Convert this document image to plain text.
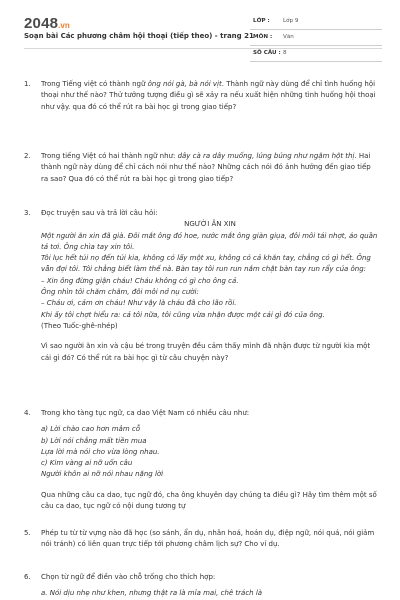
2048.vn
Soạn bài Các phương châm hội thoại (tiếp theo) - trang 21
LỚP : Lớp 9
MÔN : Văn
SỐ CÂU : 8
1.	Trong Tiếng việt có thành ngữ ông nói gà, bà nói vịt. Thành ngữ này dùng để chỉ tình huống hội thoại như thế nào? Thử tưởng tượng điều gì sẽ xảy ra nếu xuất hiện những tình huống hội thoại như vậy. qua đó có thể rút ra bài học gì trong giao tiếp?

2.	Trong tiếng Việt có hai thành ngữ như: dây cà ra dây muống, lúng búng như ngậm hột thị. Hai thành ngữ này dùng để chỉ cách nói như thế nào? Những cách nói đó ảnh hưởng đến giao tiếp ra sao? Qua đó có thể rút ra bài học gì trong giao tiếp?

3.	Đọc truyện sau và trả lời câu hỏi:

NGƯỜI ĂN XIN

Một người ăn xin đã già. Đôi mắt ông đỏ hoe, nước mắt ông giàn giụa, đôi môi tái nhợt, áo quần tả tơi. Ông chìa tay xin tôi.
Tôi lục hết túi nọ đến túi kia, không có lấy một xu, không có cả khăn tay, chẳng có gì hết. Ông vẫn đợi tôi. Tôi chẳng biết làm thế nà. Bàn tay tôi run run nắm chặt bàn tay run rẩy của ông:
– Xin ông đừng giận cháu! Cháu không có gì cho ông cả.
Ông nhìn tôi chăm chăm, đôi môi nở nụ cười:
– Cháu ơi, cảm ơn cháu! Như vậy là cháu đã cho lão rồi.
Khi ấy tôi chợt hiểu ra: cả tôi nữa, tôi cũng vừa nhận được một cái gì đó của ông.

(Theo Tuốc-ghê-nhép)

Vì sao người ăn xin và cậu bé trong truyện đều cảm thấy mình đã nhận được từ người kia một cái gì đó? Có thể rút ra bài học gì từ câu chuyện này?

4.	Trong kho tàng tục ngữ, ca dao Việt Nam có nhiều câu như:

a) Lời chào cao hơn mâm cỗ
b) Lời nói chẳng mất tiền mua
Lựa lời mà nói cho vừa lòng nhau.
c) Kim vàng ai nỡ uốn câu
Người khôn ai nỡ nói nhau nặng lời

Qua những câu ca dao, tục ngữ đó, cha ông khuyên dạy chúng ta điều gì? Hãy tìm thêm một số câu ca dao, tục ngữ có nội dung tương tự

5.	Phép tu từ từ vựng nào đã học (so sánh, ẩn dụ, nhân hoá, hoán dụ, điệp ngữ, nói quá, nói giảm nói tránh) có liên quan trực tiếp tới phương châm lịch sự? Cho ví dụ.

6.	Chọn từ ngữ để điền vào chỗ trống cho thích hợp:

a. Nói dịu nhẹ như khen, nhưng thật ra là mỉa mai, chê trách là
